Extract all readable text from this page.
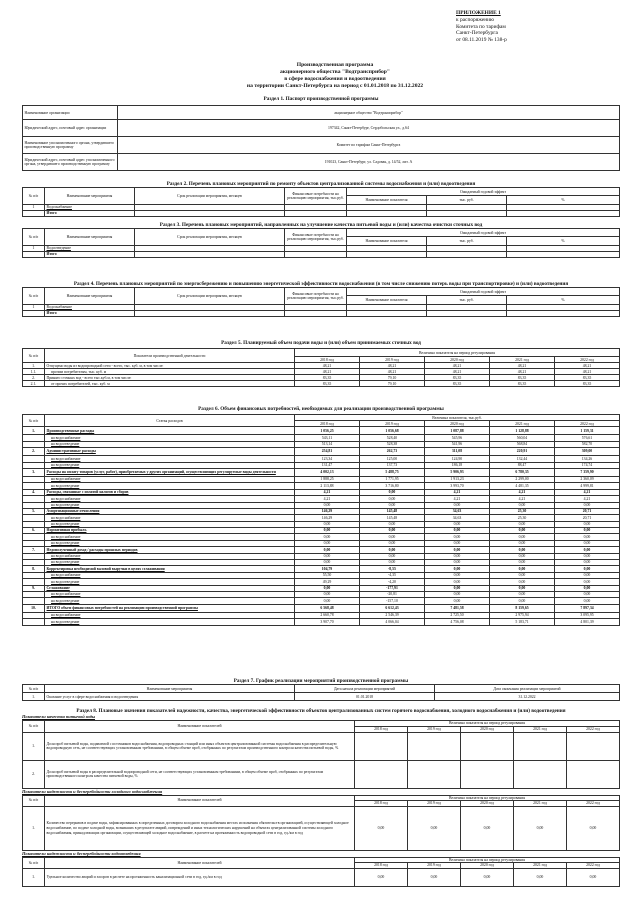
ПРИЛОЖЕНИЕ 1
к распоряжению
Комитета по тарифам
Санкт-Петербурга
от 08.11.2019 № 138-р
Производственная программа
акционерного общества "Водтрансприбор"
в сфере водоснабжения и водоотведения
на территории Санкт-Петербурга на период с 01.01.2018 по 31.12.2022
Раздел 1. Паспорт производственной программы
Наименование организации	акционерное общество "Водтрансприбор"
Юридический адрес, почтовый адрес организации	197342, Санкт-Петербург, Сердобольская ул., д.64
Наименование уполномоченного органа, утвердившего производственную программу	Комитет по тарифам Санкт-Петербурга
Юридический адрес, почтовый адрес уполномоченного органа, утвердившего производственную программу	191023, Санкт-Петербург, ул. Садовая, д. 14/52, лит. А
Раздел 2. Перечень плановых мероприятий по ремонту объектов централизованной системы водоснабжения и (или) водоотведения
№ п/п	Наименование мероприятия	Срок реализации мероприятия, месяцев	Финансовые потребности на реализацию мероприятия, тыс.руб.	Ожидаемый годовой эффект		
				Наименование показателя	тыс. руб.	%
1	Водоснабжение					
	Итого					
Раздел 3. Перечень плановых мероприятий, направленных на улучшение качества питьевой воды и (или) качества очистки сточных вод
№ п/п	Наименование мероприятия	Срок реализации мероприятия, месяцев	Финансовые потребности на реализацию мероприятия, тыс.руб.	Ожидаемый годовой эффект		
				Наименование показателя	тыс. руб.	%
1	Водоотведение					
	Итого					
Раздел 4. Перечень плановых мероприятий по энергосбережению и повышению энергетической эффективности водоснабжения (в том числе снижению потерь воды при транспортировке) и (или) водоотведения
№ п/п	Наименование мероприятия	Срок реализации мероприятия, месяцев	Финансовые потребности на реализацию мероприятия, тыс.руб.	Ожидаемый годовой эффект		
				Наименование показателя	тыс. руб.	%
1	Водоснабжение					
	Итого					
Раздел 5. Планируемый объем подачи воды и (или) объем принимаемых сточных вод
№ п/п	Показатели производственной деятельности	Величина показателя на период регулирования				
		2018 год	2019 год	2020 год	2021 год	2022 год
1.	Отпущено воды из водопроводной сети - всего, тыс. куб. м, в том числе:	48,21	48,21	48,21	48,21	48,21
1.1.	прочим потребителям, тыс. куб. м	48,21	48,21	48,21	48,21	48,21
2.	Принято сточных вод - всего тыс.куб.м, в том числе:	83,35	79,10	83,35	83,35	83,35
2.1.	от прочих потребителей, тыс. куб. м	83,35	79,10	83,35	83,35	83,35
Раздел 6. Объем финансовых потребностей, необходимых для реализации производственной программы
№ п/п	Статья расходов	Величина показателя, тыс.руб.				
		2018 год	2019 год	2020 год	2021 год	2022 год
1.	Производственные расходы	1 056,25	1 056,68	1 087,88	1 128,88	1 159,31
	на водоснабжение	543,11	528,40	545,96	560,04	576,61
	на водоотведение	513,14	528,38	541,96	568,84	582,70
2.	Административные расходы	254,81	262,73	311,08	220,91	309,00
	на водоснабжение	123,34	125,00	124,90	132,44	134,26
	на водоотведение	131,47	137,73	186,18	88,47	174,74
3.	Расходы на оплату товаров (услуг, работ), приобретаемых у других организаций, осуществляющих регулируемые виды деятельности	4 002,13	5 488,75	5 906,93	6 780,35	7 359,90
	на водоснабжение	1 888,25	1 771,95	1 913,23	2 299,00	2 360,09
	на водоотведение	2 113,88	3 716,80	3 993,70	4 481,35	4 999,81
4.	Расходы, связанные с оплатой налогов и сборов	4,21	0,00	4,21	4,21	4,21
	на водоснабжение	4,21	0,00	4,21	4,21	4,21
	на водоотведение	0,00	0,00	0,00	0,00	0,00
5.	Амортизационные отчисления	146,29	145,48	34,63	25,30	20,71
	на водоснабжение	146,29	145,48	34,63	25,30	20,71
	на водоотведение	0,00	0,00	0,00	0,00	0,00
6.	Нормативная прибыль	0,00	0,00	0,00	0,00	0,00
	на водоснабжение	0,00	0,00	0,00	0,00	0,00
	на водоотведение	0,00	0,00	0,00	0,00	0,00
7.	Недополученный доход / расходы прошлых периодов	0,00	0,00	0,00	0,00	0,00
	на водоснабжение	0,00	0,00	0,00	0,00	0,00
	на водоотведение	0,00	0,00	0,00	0,00	0,00
8.	Корректировка необходимой валовой выручки в целях сглаживания	104,79	-8,55	0,00	0,00	0,00
	на водоснабжение	55,50	-4,35	0,00	0,00	0,00
	на водоотведение	49,29	-4,20	0,00	0,00	0,00
9.	Сглаживание	0,00	-177,91	0,00	0,00	0,00
	на водоснабжение	0,00	-20,81	0,00	0,00	0,00
	на водоотведение	0,00	-157,10	0,00	0,00	0,00
10.	ИТОГО объем финансовых потребностей на реализацию производственной программы	6 568,48	6 612,43	7 481,58	8 159,65	7 897,34
	на водоснабжение	2 660,78	2 546,39	2 725,50	2 975,94	3 095,95
	на водоотведение	3 907,70	4 066,04	4 756,08	5 183,71	4 801,39
Раздел 7. График реализации мероприятий производственной программы
№ п/п	Наименование мероприятия	Дата начала реализации мероприятий	Дата окончания реализации мероприятий
1.	Оказание услуг в сфере водоснабжения и водоотведения	01.01.2018	31.12.2022
Раздел 8. Плановые значения показателей надежности, качества, энергетической эффективности объектов централизованных систем горячего водоснабжения, холодного водоснабжения и (или) водоотведения
Показатели качества питьевой воды
№ п/п	Наименование показателей	Величина показателя на период регулирования				
		2018 год	2019 год	2020 год	2021 год	2022 год
1.	Доля проб питьевой воды, подаваемой с источников водоснабжения, водопроводных станций или иных объектов централизованной системы водоснабжения в распределительную водопроводную сеть, не соответствующих установленным требованиям, в общем объеме проб, отобранных по результатам производственного контроля качества питьевой воды, %					
2.	Доля проб питьевой воды в распределительной водопроводной сети, не соответствующих установленным требованиям, в общем объеме проб, отобранных по результатам производственного контроля качества питьевой воды, %					
Показатели надежности и бесперебойности холодного водоснабжения
№ п/п	Наименование показателей	Величина показателя на период регулирования				
		2018 год	2019 год	2020 год	2021 год	2022 год
1.	Количество перерывов в подаче воды, зафиксированных в определенных договором холодного водоснабжения местах исполнения обязательств организацией, осуществляющей холодное водоснабжение, по подаче холодной воды, возникших в результате аварий, повреждений и иных технологических нарушений на объектах централизованной системы холодного водоснабжения, принадлежащих организации, осуществляющей холодное водоснабжение, в расчете на протяженность водопроводной сети в год, ед./км в год	0,00	0,00	0,00	0,00	0,00
Показатели надежности и бесперебойности водоотведения
№ п/п	Наименование показателей	Величина показателя на период регулирования				
		2018 год	2019 год	2020 год	2021 год	2022 год
1.	Удельное количество аварий и засоров в расчете на протяженность канализационной сети в год, ед./км в год	0,00	0,00	0,00	0,00	0,00
